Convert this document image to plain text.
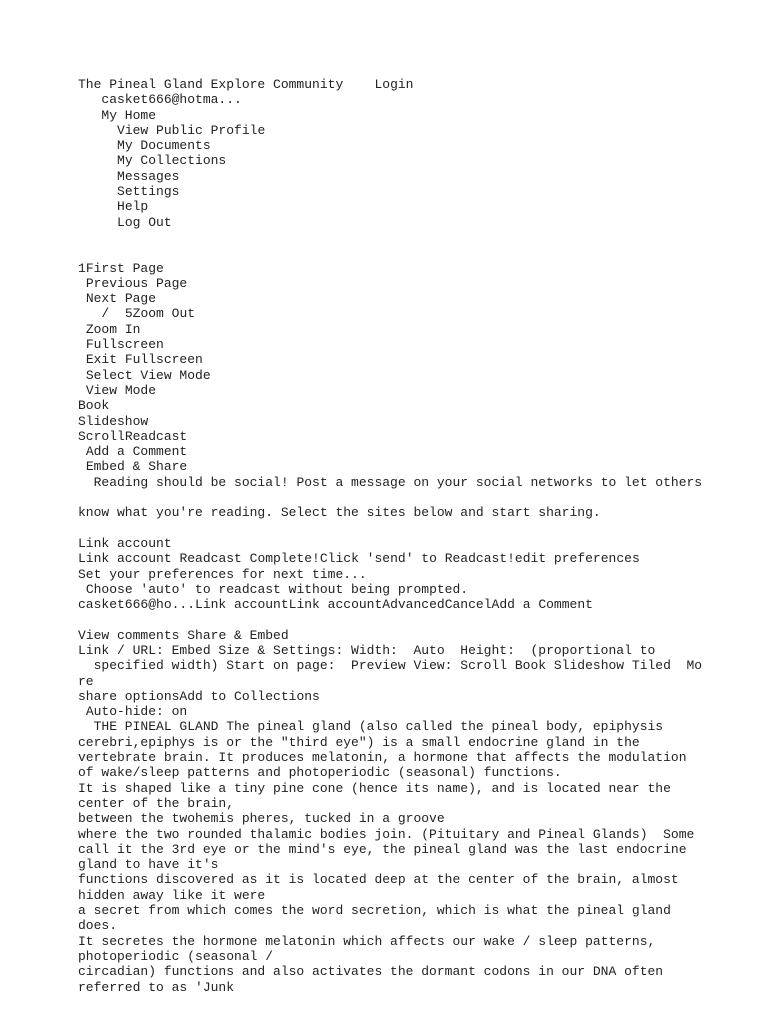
The Pineal Gland Explore Community Login
casket666@hotma...
My Home
View Public Profile
My Documents
My Collections
Messages
Settings
Help
Log Out
1First Page
Previous Page
Next Page
/ 5Zoom Out
Zoom In
Fullscreen
Exit Fullscreen
Select View Mode
View Mode
Book
Slideshow
ScrollReadcast
Add a Comment
Embed & Share
Reading should be social! Post a message on your social networks to let others
know what you're reading. Select the sites below and start sharing.
Link account
Link account Readcast Complete!Click 'send' to Readcast!edit preferences
Set your preferences for next time...
Choose 'auto' to readcast without being prompted.
casket666@ho...Link accountLink accountAdvancedCancelAdd a Comment
View comments Share & Embed
Link / URL: Embed Size & Settings: Width:  Auto  Height:  (proportional to
specified width) Start on page:  Preview View: Scroll Book Slideshow Tiled  Mo
re
share optionsAdd to Collections
Auto-hide: on
THE PINEAL GLAND The pineal gland (also called the pineal body, epiphysis
cerebri,epiphys is or the "third eye") is a small endocrine gland in the
vertebrate brain. It produces melatonin, a hormone that affects the modulation
of wake/sleep patterns and photoperiodic (seasonal) functions.
It is shaped like a tiny pine cone (hence its name), and is located near the
center of the brain,
between the twohemis pheres, tucked in a groove
where the two rounded thalamic bodies join. (Pituitary and Pineal Glands)  Some
call it the 3rd eye or the mind's eye, the pineal gland was the last endocrine
gland to have it's
functions discovered as it is located deep at the center of the brain, almost
hidden away like it were
a secret from which comes the word secretion, which is what the pineal gland
does.
It secretes the hormone melatonin which affects our wake / sleep patterns,
photoperiodic (seasonal /
circadian) functions and also activates the dormant codons in our DNA often
referred to as 'Junk
